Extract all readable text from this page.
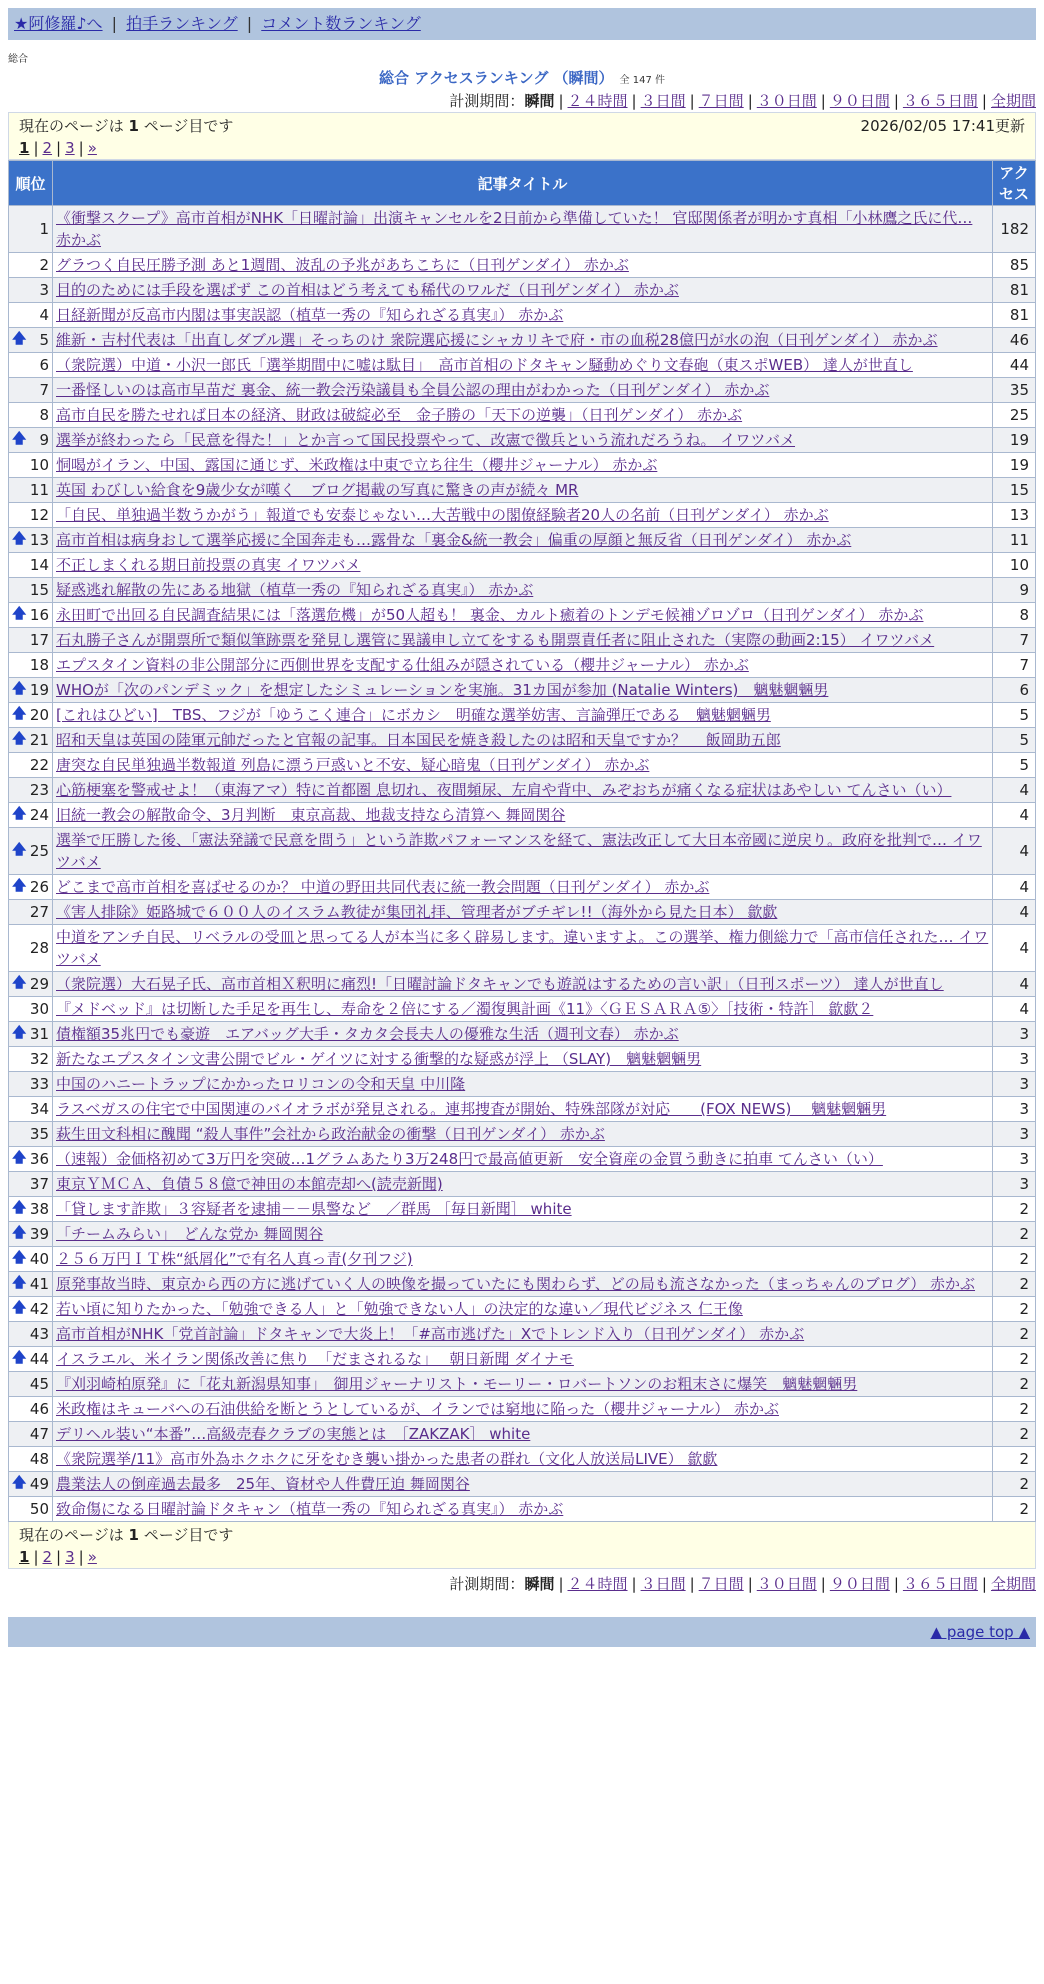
★阿修羅♪へ | 拍手ランキング | コメント数ランキング
総合
総合 アクセスランキング （瞬間） 全 147 件
計測期間：瞬間 | ２４時間 | ３日間 | ７日間 | ３０日間 | ９０日間 | ３６５日間 | 全期間
現在のページは 1 ページ目です	2026/02/05 17:41更新
1 | 2 | 3 | »
順位	記事タイトル	アクセス
1	《衝撃スクープ》高市首相がNHK「日曜討論」出演キャンセルを2日前から準備していた！ 官邸関係者が明かす真相「小林鷹之氏に代… 赤かぶ	182
2	グラつく自民圧勝予測 あと1週間、波乱の予兆があちこちに（日刊ゲンダイ） 赤かぶ	85
3	目的のためには手段を選ばず この首相はどう考えても稀代のワルだ（日刊ゲンダイ） 赤かぶ	81
4	日経新聞が反高市内閣は事実誤認（植草一秀の『知られざる真実』） 赤かぶ	81

🡅 5	維新・吉村代表は「出直しダブル選」そっちのけ 衆院選応援にシャカリキで府・市の血税28億円が水の泡（日刊ゲンダイ） 赤かぶ	46
6	（衆院選）中道・小沢一郎氏「選挙期間中に嘘は駄目」　高市首相のドタキャン騒動めぐり文春砲（東スポWEB） 達人が世直し	44
7	一番怪しいのは高市早苗だ 裏金、統一教会汚染議員も全員公認の理由がわかった（日刊ゲンダイ） 赤かぶ	35
8	高市自民を勝たせれば日本の経済、財政は破綻必至　金子勝の「天下の逆襲」（日刊ゲンダイ） 赤かぶ	25

🡅 9	選挙が終わったら「民意を得た！」とか言って国民投票やって、改憲で徴兵という流れだろうね。 イワツバメ	19
10	恫喝がイラン、中国、露国に通じず、米政権は中東で立ち往生（櫻井ジャーナル） 赤かぶ	19
11	英国 わびしい給食を9歳少女が嘆く　ブログ掲載の写真に驚きの声が続々 MR	15
12	「自民、単独過半数うかがう」報道でも安泰じゃない…大苦戦中の閣僚経験者20人の名前（日刊ゲンダイ） 赤かぶ	13

🡅 13	高市首相は病身おして選挙応援に全国奔走も…露骨な「裏金&統一教会」偏重の厚顔と無反省（日刊ゲンダイ） 赤かぶ	11
14	不正しまくれる期日前投票の真実 イワツバメ	10
15	疑惑逃れ解散の先にある地獄（植草一秀の『知られざる真実』） 赤かぶ	9

🡅 16	永田町で出回る自民調査結果には「落選危機」が50人超も！ 裏金、カルト癒着のトンデモ候補ゾロゾロ（日刊ゲンダイ） 赤かぶ	8
17	石丸勝子さんが開票所で類似筆跡票を発見し選管に異議申し立てをするも開票責任者に阻止された（実際の動画2:15） イワツバメ	7
18	エプスタイン資料の非公開部分に西側世界を支配する仕組みが隠されている（櫻井ジャーナル） 赤かぶ	7

🡅 19	WHOが「次のパンデミック」を想定したシミュレーションを実施。31カ国が参加 (Natalie Winters)　魑魅魍魎男	6

🡅 20	[これはひどい]　TBS、フジが「ゆうこく連合」にボカシ　明確な選挙妨害、言論弾圧である　魑魅魍魎男	5

🡅 21	昭和天皇は英国の陸軍元帥だったと官報の記事。日本国民を焼き殺したのは昭和天皇ですか？　 飯岡助五郎	5
22	唐突な自民単独過半数報道 列島に漂う戸惑いと不安、疑心暗鬼（日刊ゲンダイ） 赤かぶ	5
23	心筋梗塞を警戒せよ！（東海アマ）特に首都圏 息切れ、夜間頻尿、左肩や背中、みぞおちが痛くなる症状はあやしい てんさい（い）	4

🡅 24	旧統一教会の解散命令、3月判断　東京高裁、地裁支持なら清算へ 舞岡関谷	4

🡅 25	選挙で圧勝した後、「憲法発議で民意を問う」という詐欺パフォーマンスを経て、憲法改正して大日本帝國に逆戻り。政府を批判で… イワツバメ	4

🡅 26	どこまで高市首相を喜ばせるのか？ 中道の野田共同代表に統一教会問題（日刊ゲンダイ） 赤かぶ	4
27	《害人排除》姫路城で６００人のイスラム教徒が集団礼拝、管理者がブチギレ!!（海外から見た日本） 歙歔	4
28	中道をアンチ自民、リベラルの受皿と思ってる人が本当に多く辟易します。違いますよ。この選挙、権力側総力で「高市信任された… イワツバメ	4

🡅 29	（衆院選）大石晃子氏、高市首相Ｘ釈明に痛烈!「日曜討論ドタキャンでも遊説はするための言い訳」（日刊スポーツ） 達人が世直し	4
30	『メドベッド』は切断した手足を再生し、寿命を２倍にする／濁復興計画《11》〈ＧＥＳＡＲＡ⑤〉［技術・特許］ 歙歔２	4

🡅 31	債権額35兆円でも豪遊　エアバッグ大手・タカタ会長夫人の優雅な生活（週刊文春） 赤かぶ	3
32	新たなエプスタイン文書公開でビル・ゲイツに対する衝撃的な疑惑が浮上 （SLAY)　魑魅魍魎男	3
33	中国のハニートラップにかかったロリコンの令和天皇 中川隆	3
34	ラスベガスの住宅で中国関連のバイオラボが発見される。連邦捜査が開始、特殊部隊が対応　　(FOX NEWS)　 魑魅魍魎男	3
35	萩生田文科相に醜聞 “殺人事件”会社から政治献金の衝撃（日刊ゲンダイ） 赤かぶ	3

🡅 36	（速報）金価格初めて3万円を突破…1グラムあたり3万248円で最高値更新　安全資産の金買う動きに拍車 てんさい（い）	3
37	東京ＹＭＣＡ、負債５８億で神田の本館売却へ(読売新聞)	3

🡅 38	「貸します詐欺」３容疑者を逮捕－－県警など　／群馬 ［毎日新聞］ white	2

🡅 39	「チームみらい」　どんな党か 舞岡関谷	2

🡅 40	２５６万円ＩＴ株“紙屑化”で有名人真っ青(夕刊フジ)	2

🡅 41	原発事故当時、東京から西の方に逃げていく人の映像を撮っていたにも関わらず、どの局も流さなかった（まっちゃんのブログ） 赤かぶ	2

🡅 42	若い頃に知りたかった、「勉強できる人」と「勉強できない人」の決定的な違い／現代ビジネス 仁王像	2
43	高市首相がNHK「党首討論」ドタキャンで大炎上！「#高市逃げた」Xでトレンド入り（日刊ゲンダイ） 赤かぶ	2

🡅 44	イスラエル、米イラン関係改善に焦り　「だまされるな」　 朝日新聞 ダイナモ	2
45	『刈羽崎柏原発』に「花丸新潟県知事」　御用ジャーナリスト・モーリー・ロバートソンのお粗末さに爆笑　魑魅魍魎男	2
46	米政権はキューバへの石油供給を断とうとしているが、イランでは窮地に陥った（櫻井ジャーナル） 赤かぶ	2
47	デリヘル装い“本番”…高級売春クラブの実態とは　［ZAKZAK］ white	2
48	《衆院選挙/11》高市外為ホクホクに牙をむき襲い掛かった患者の群れ（文化人放送局LIVE） 歙歔	2

🡅 49	農業法人の倒産過去最多　25年、資材や人件費圧迫 舞岡関谷	2
50	致命傷になる日曜討論ドタキャン（植草一秀の『知られざる真実』） 赤かぶ	2
現在のページは 1 ページ目です
1 | 2 | 3 | »
計測期間：瞬間 | ２４時間 | ３日間 | ７日間 | ３０日間 | ９０日間 | ３６５日間 | 全期間
▲ page top ▲
